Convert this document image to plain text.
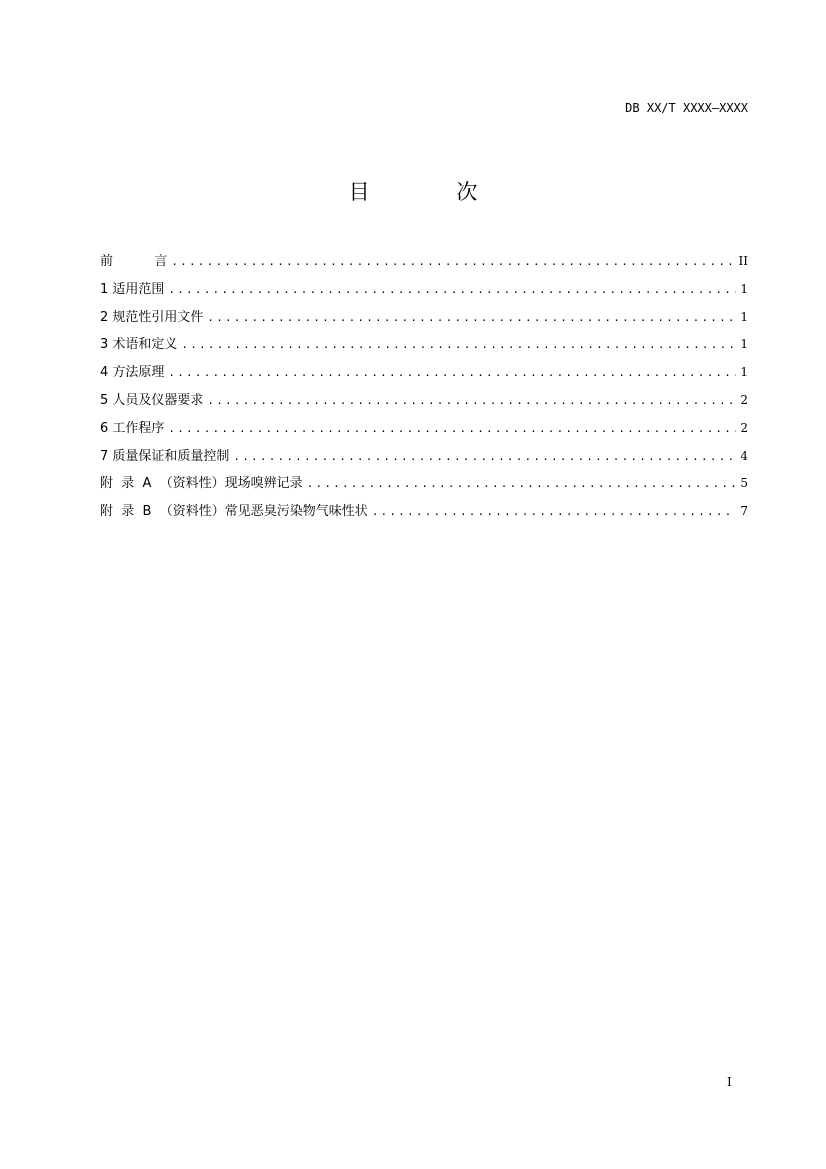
DB XX/T XXXX—XXXX
目 次
前          言 .....	II
1 适用范围 .....	1
2 规范性引用文件 .....	1
3 术语和定义 .....	1
4 方法原理 .....	1
5 人员及仪器要求 .....	2
6 工作程序 .....	2
7 质量保证和质量控制 .....	4
附  录  A  （资料性）现场嗅辨记录 .....	5
附  录  B  （资料性）常见恶臭污染物气味性状 .....	7
I
